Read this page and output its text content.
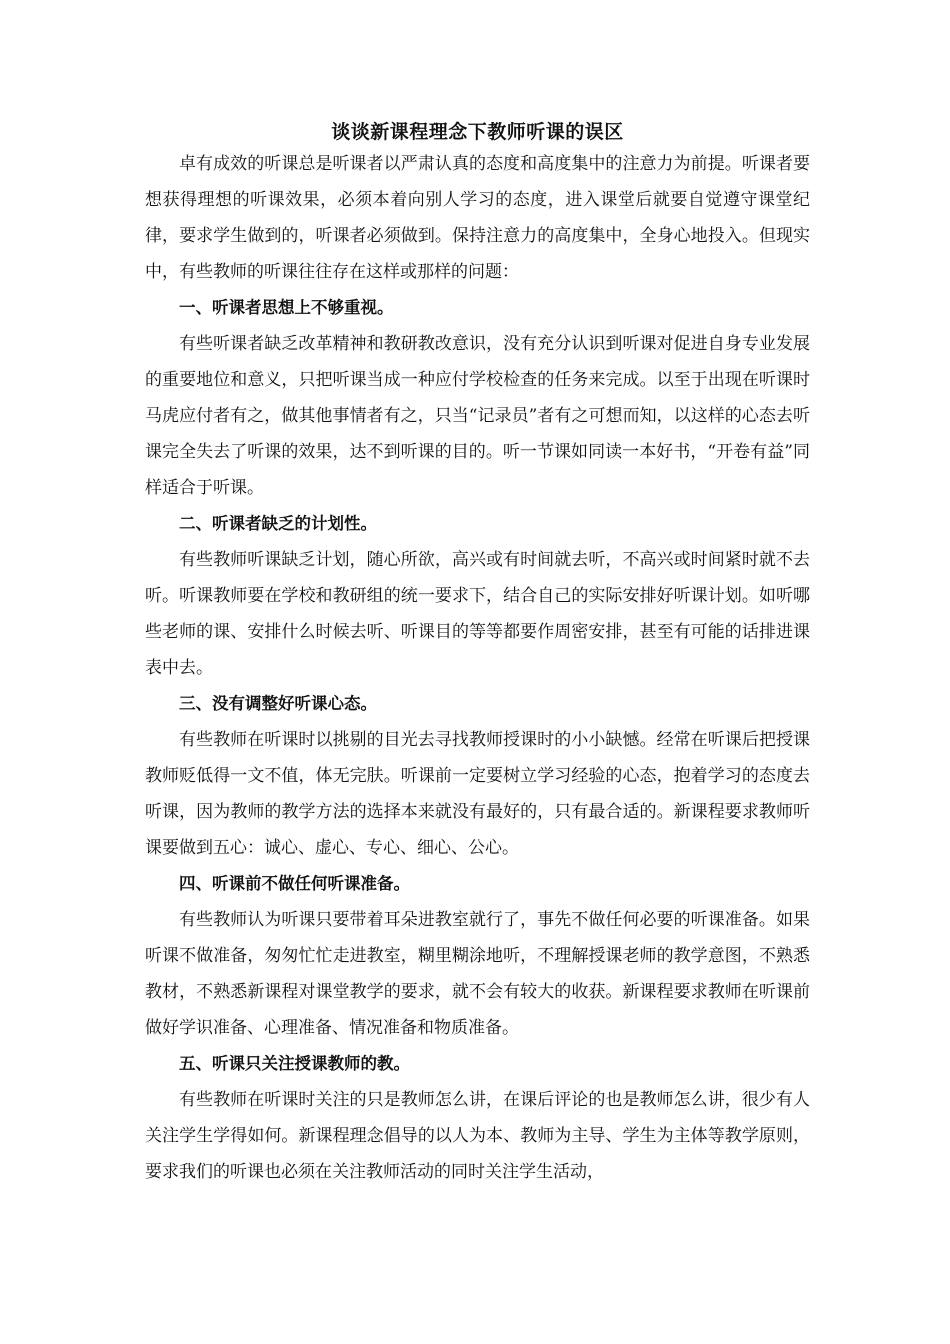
谈谈新课程理念下教师听课的误区

卓有成效的听课总是听课者以严肃认真的态度和高度集中的注意力为前提。听课者要想获得理想的听课效果，必须本着向别人学习的态度，进入课堂后就要自觉遵守课堂纪律，要求学生做到的，听课者必须做到。保持注意力的高度集中，全身心地投入。但现实中，有些教师的听课往往存在这样或那样的问题：

一、听课者思想上不够重视。

有些听课者缺乏改革精神和教研教改意识，没有充分认识到听课对促进自身专业发展的重要地位和意义，只把听课当成一种应付学校检查的任务来完成。以至于出现在听课时马虎应付者有之，做其他事情者有之，只当“记录员”者有之可想而知，以这样的心态去听课完全失去了听课的效果，达不到听课的目的。听一节课如同读一本好书，“开卷有益”同样适合于听课。

二、听课者缺乏的计划性。

有些教师听课缺乏计划，随心所欲，高兴或有时间就去听，不高兴或时间紧时就不去听。听课教师要在学校和教研组的统一要求下，结合自己的实际安排好听课计划。如听哪些老师的课、安排什么时候去听、听课目的等等都要作周密安排，甚至有可能的话排进课表中去。

三、没有调整好听课心态。

有些教师在听课时以挑剔的目光去寻找教师授课时的小小缺憾。经常在听课后把授课教师贬低得一文不值，体无完肤。听课前一定要树立学习经验的心态，抱着学习的态度去听课，因为教师的教学方法的选择本来就没有最好的，只有最合适的。新课程要求教师听课要做到五心：诚心、虚心、专心、细心、公心。

四、听课前不做任何听课准备。

有些教师认为听课只要带着耳朵进教室就行了，事先不做任何必要的听课准备。如果听课不做准备，匆匆忙忙走进教室，糊里糊涂地听，不理解授课老师的教学意图，不熟悉教材，不熟悉新课程对课堂教学的要求，就不会有较大的收获。新课程要求教师在听课前做好学识准备、心理准备、情况准备和物质准备。

五、听课只关注授课教师的教。

有些教师在听课时关注的只是教师怎么讲，在课后评论的也是教师怎么讲，很少有人关注学生学得如何。新课程理念倡导的以人为本、教师为主导、学生为主体等教学原则，要求我们的听课也必须在关注教师活动的同时关注学生活动，
